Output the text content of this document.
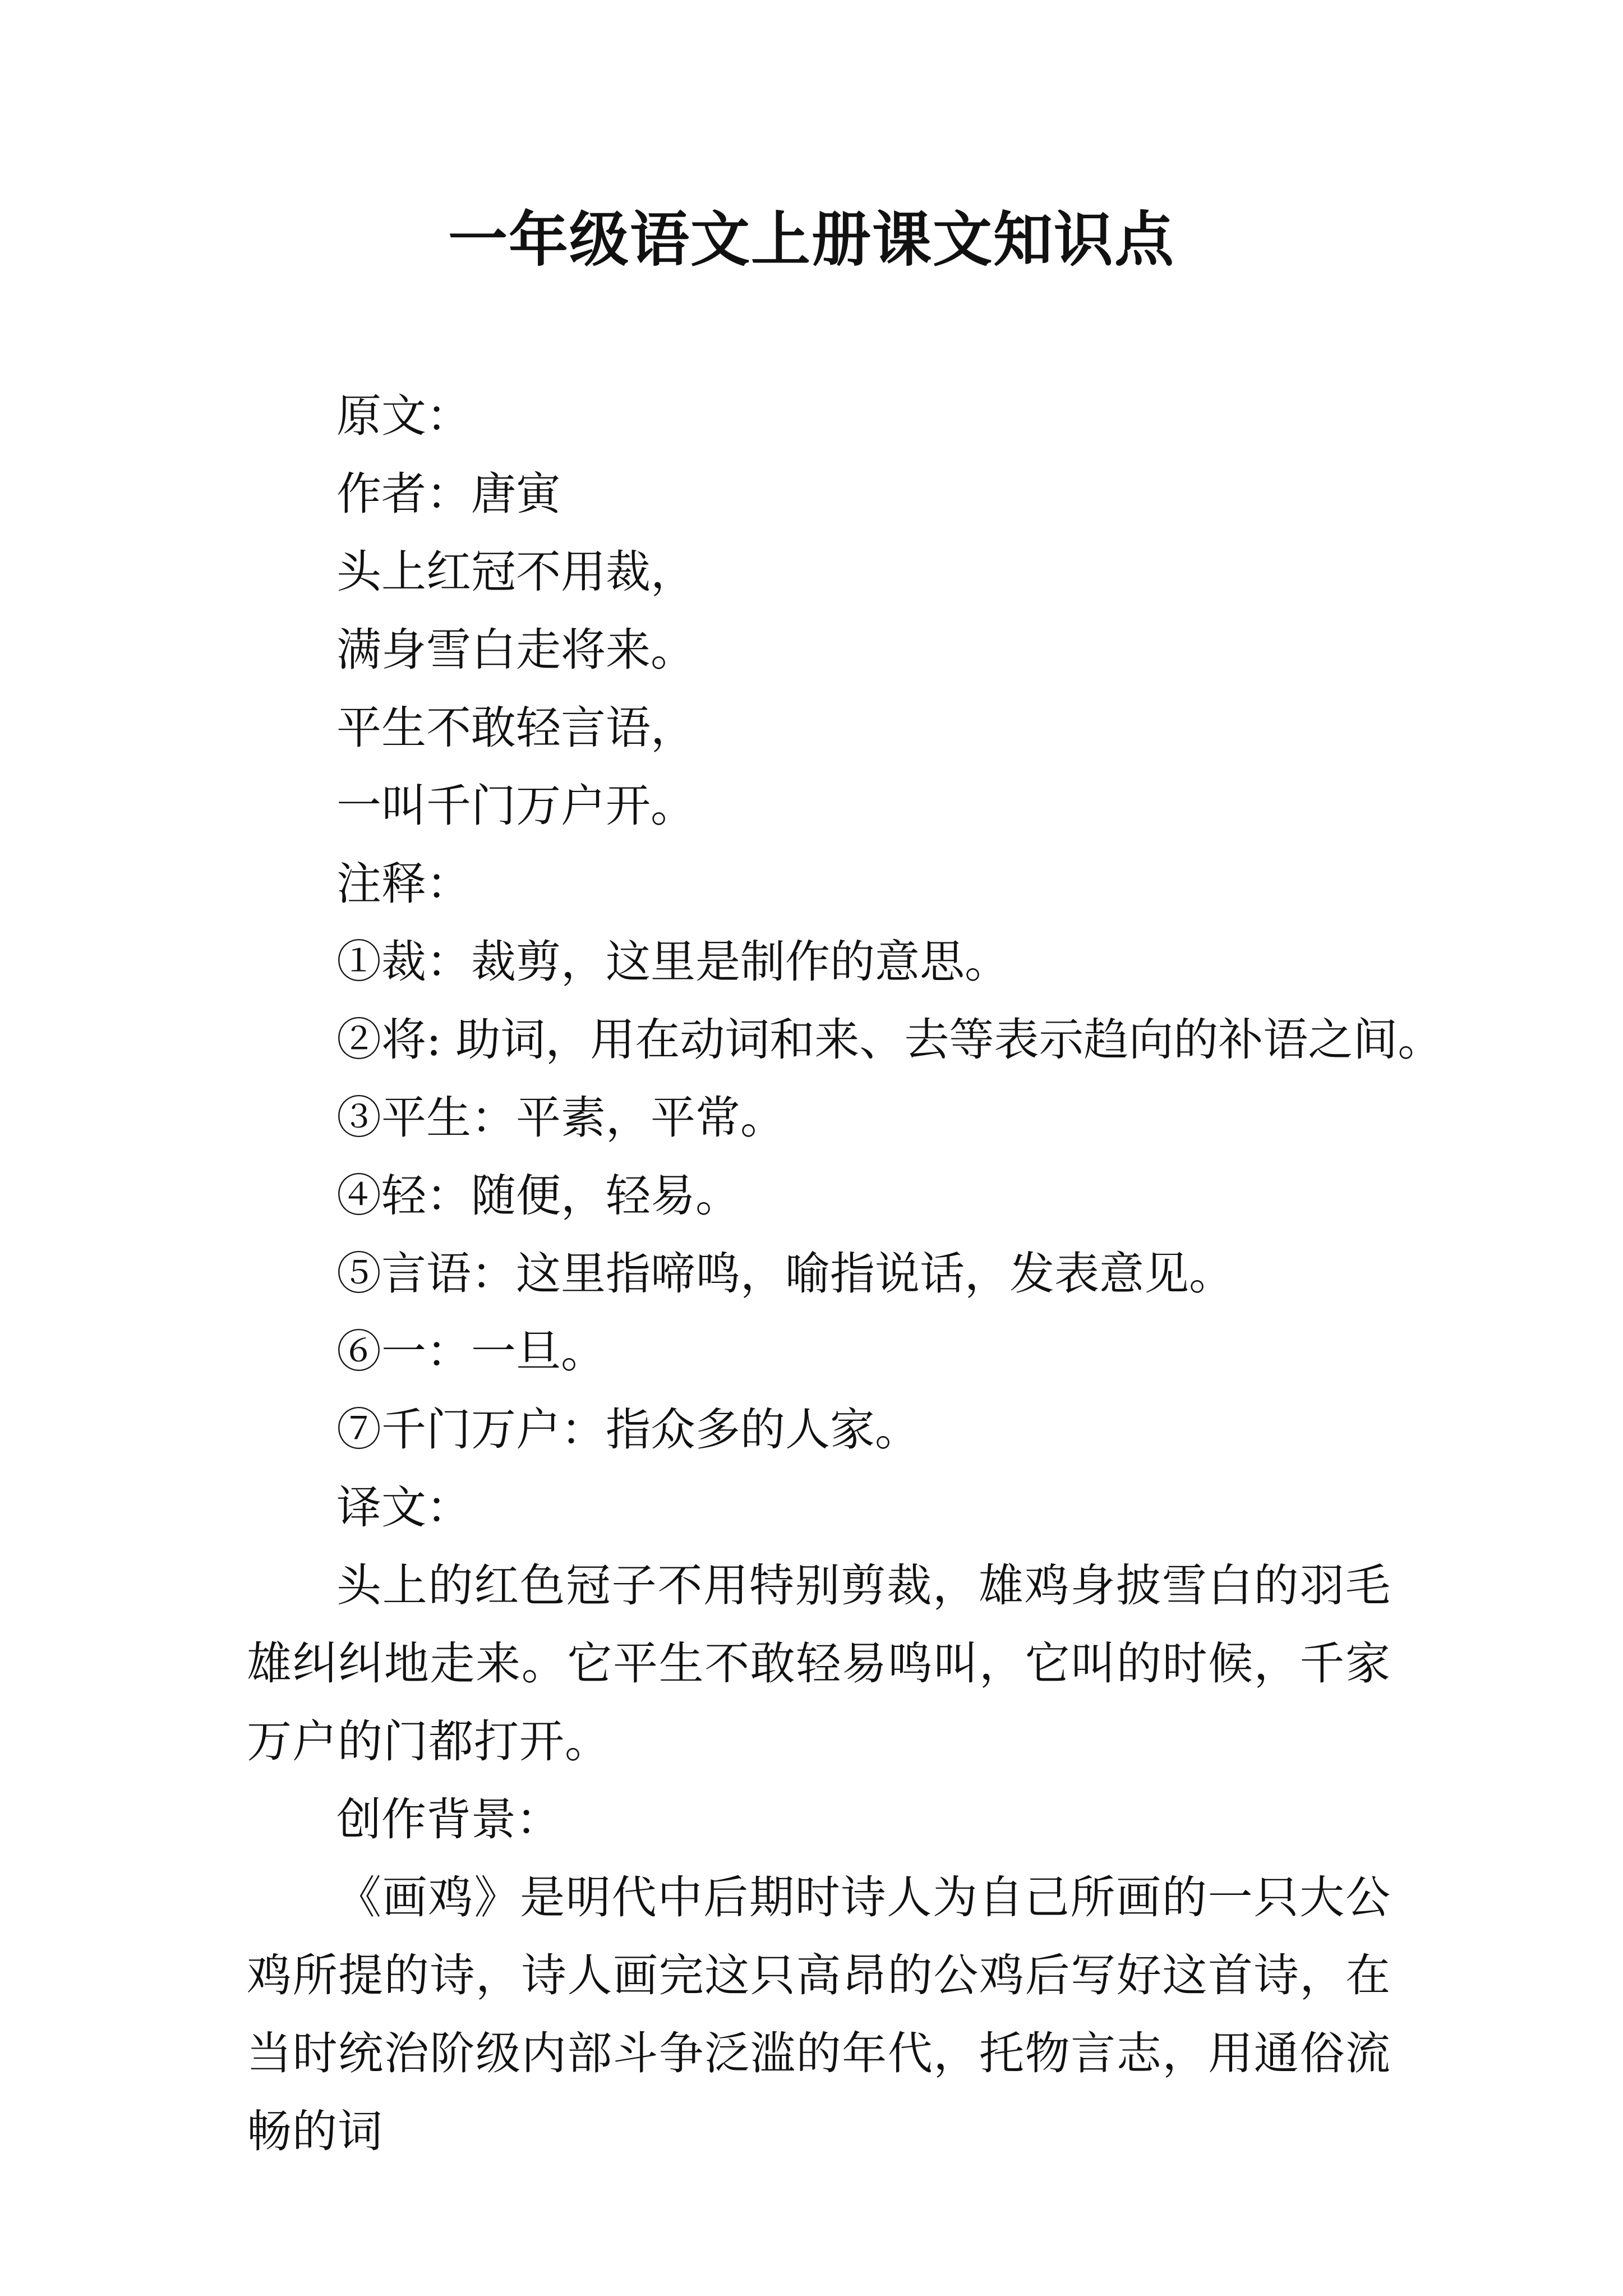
一年级语文上册课文知识点

原文：

作者：唐寅

头上红冠不用裁，

满身雪白走将来。

平生不敢轻言语，

一叫千门万户开。

注释：

①裁：裁剪，这里是制作的意思。

②将: 助词，用在动词和来、去等表示趋向的补语之间。

③平生：平素，平常。

④轻：随便，轻易。

⑤言语：这里指啼鸣，喻指说话，发表意见。

⑥一：一旦。

⑦千门万户：指众多的人家。

译文：

头上的红色冠子不用特别剪裁，雄鸡身披雪白的羽毛雄纠纠地走来。它平生不敢轻易鸣叫，它叫的时候，千家万户的门都打开。

创作背景：

《画鸡》是明代中后期时诗人为自己所画的一只大公鸡所提的诗，诗人画完这只高昂的公鸡后写好这首诗，在当时统治阶级内部斗争泛滥的年代，托物言志，用通俗流畅的词
